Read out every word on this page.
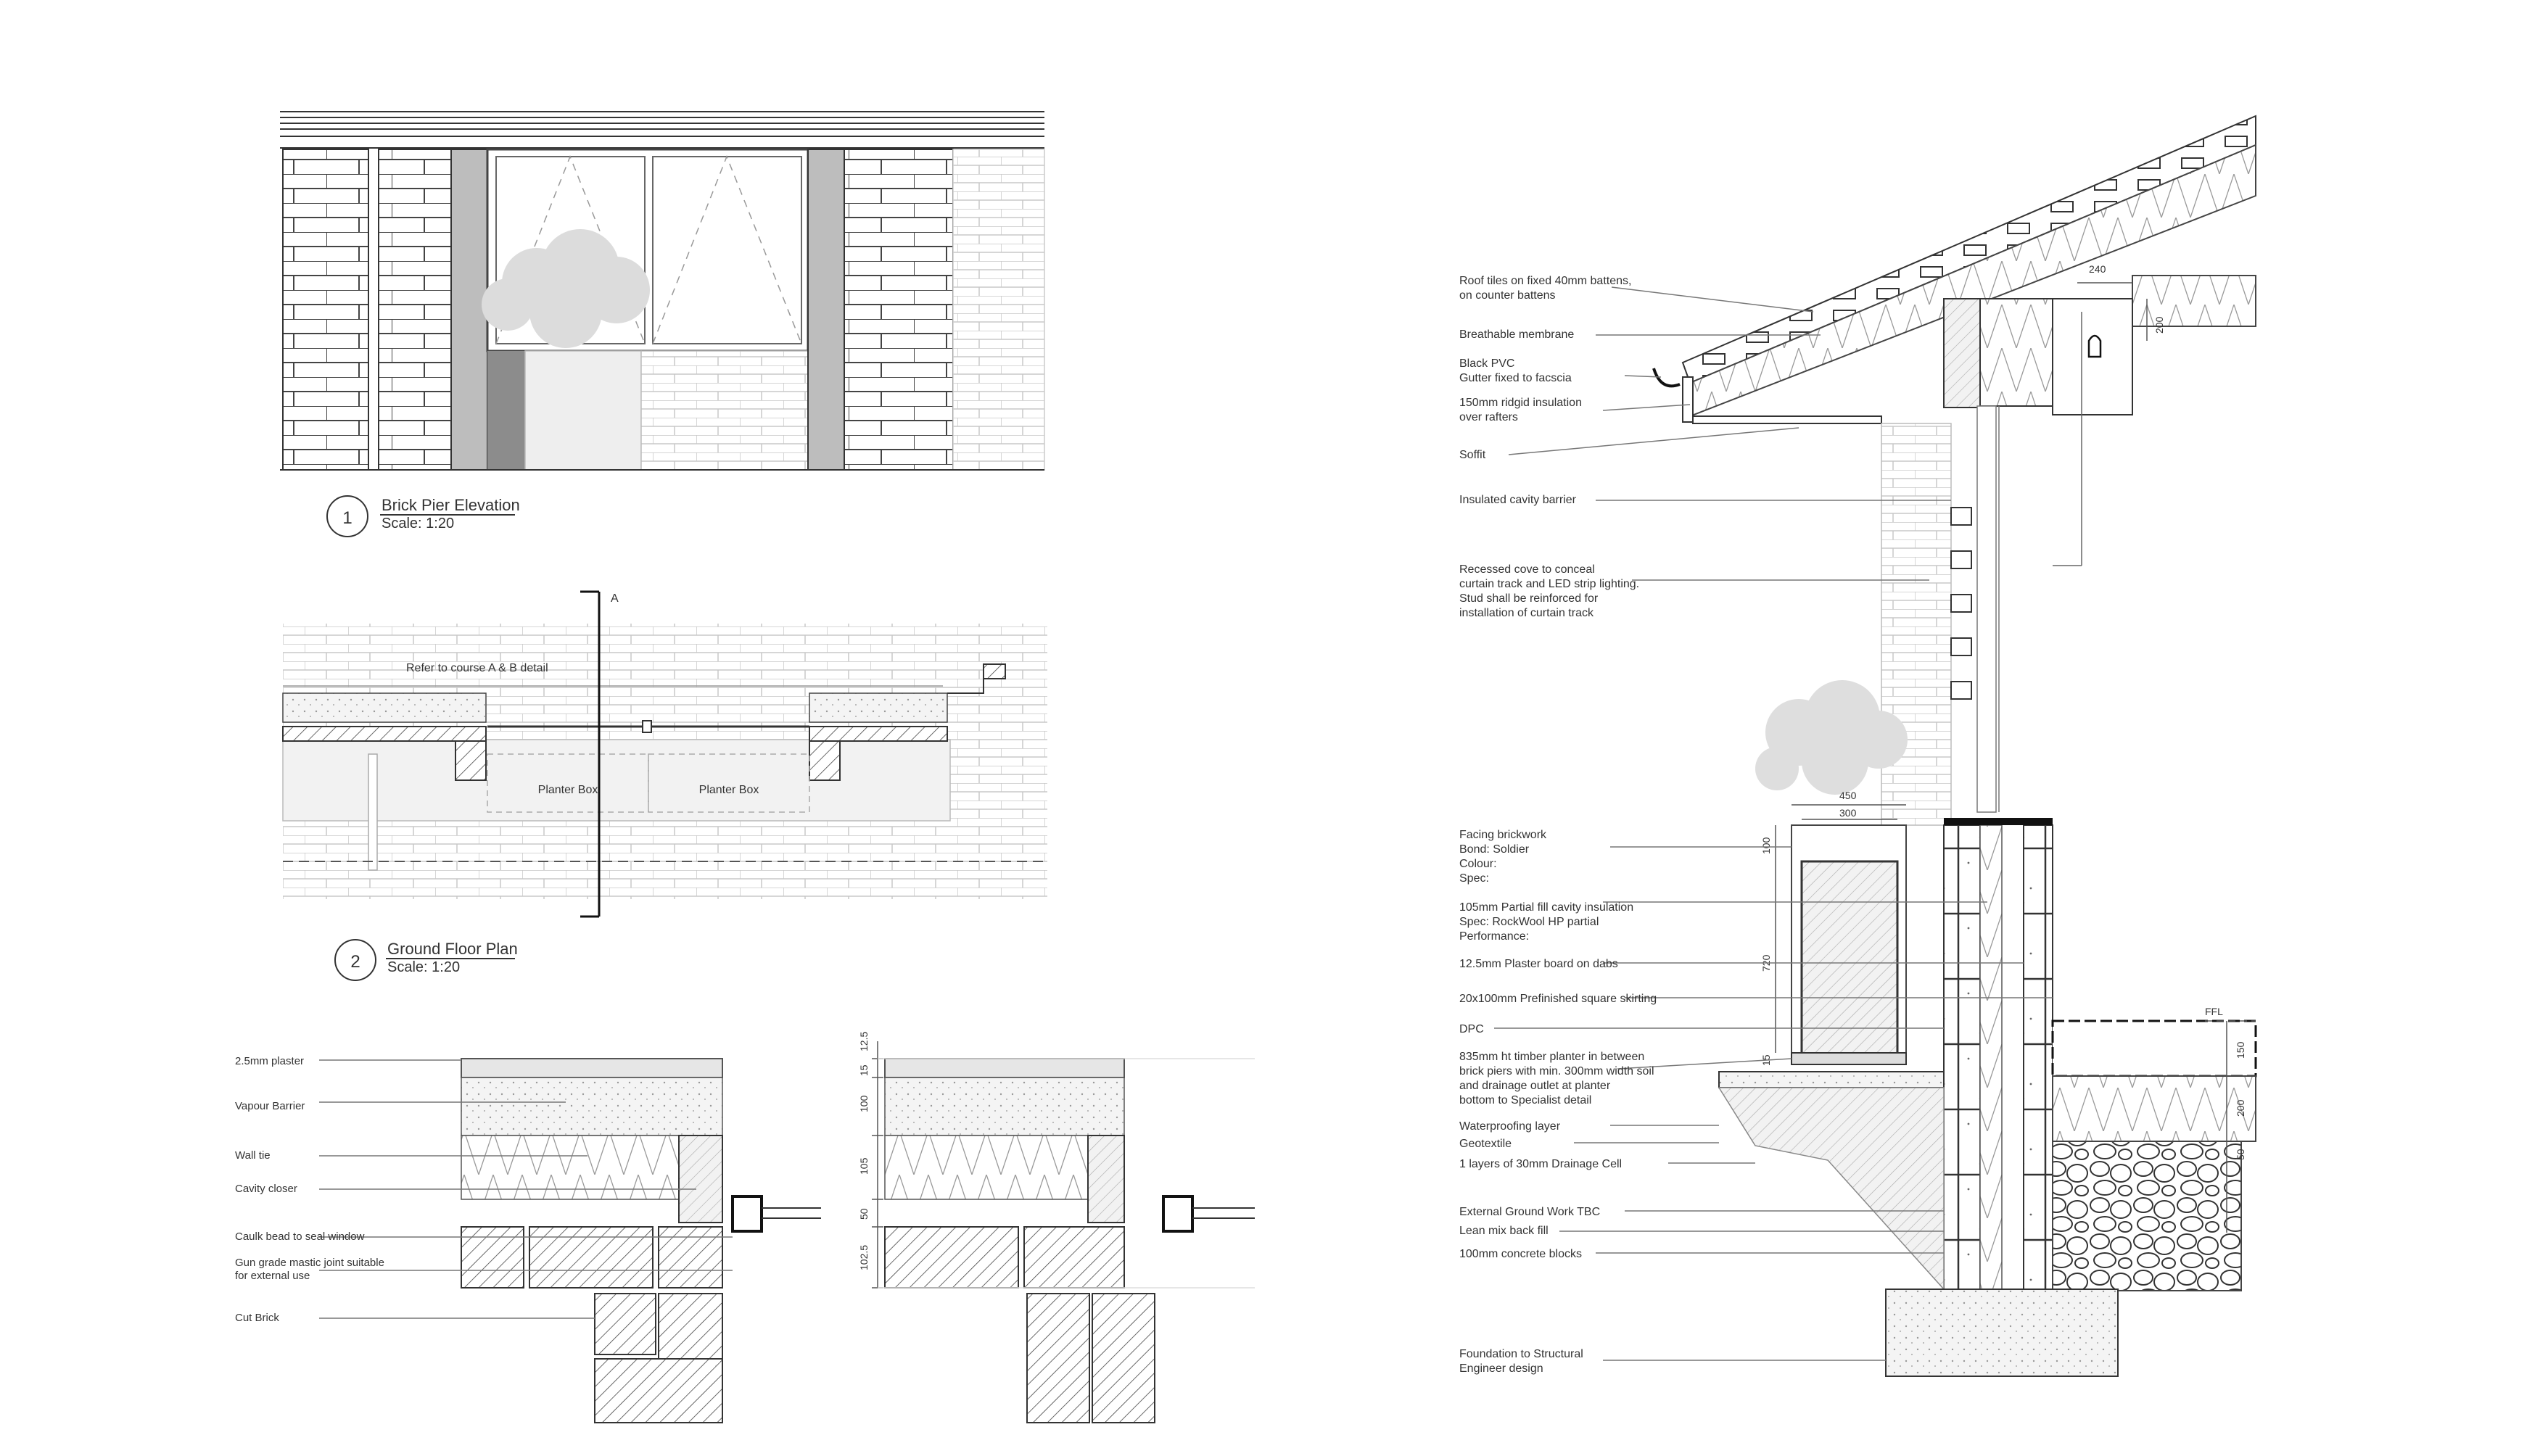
1
Brick Pier Elevation
Scale: 1:20
Refer to course A & B detail
Planter Box	Planter Box
A
2
Ground Floor Plan
Scale: 1:20
2.5mm plaster
Vapour Barrier
Wall tie
Cavity closer
Caulk bead to seal window
Gun grade mastic joint suitable
for external use
Cut Brick
12.5
15
100
105
50
102.5
240
200
450
300
100
720
FFL
150
200
50
Roof tiles on fixed 40mm battens,
on counter battens
Breathable membrane
Black PVC
Gutter fixed to facscia
150mm ridgid insulation
over rafters
Soffit
Insulated cavity barrier
Recessed cove to conceal
curtain track and LED strip lighting.
Stud shall be reinforced for
installation of curtain track
Facing brickwork
Bond: Soldier
Colour:
Spec:
105mm Partial fill cavity insulation
Spec: RockWool HP partial
Performance:
12.5mm Plaster board on dabs
20x100mm Prefinished square skirting
DPC
835mm ht timber planter in between
brick piers with min. 300mm width soil
and drainage outlet at planter
bottom to Specialist detail
Waterproofing layer
Geotextile
1 layers of 30mm Drainage Cell
External Ground Work TBC
Lean mix back fill
100mm concrete blocks
Foundation to Structural
Engineer design
